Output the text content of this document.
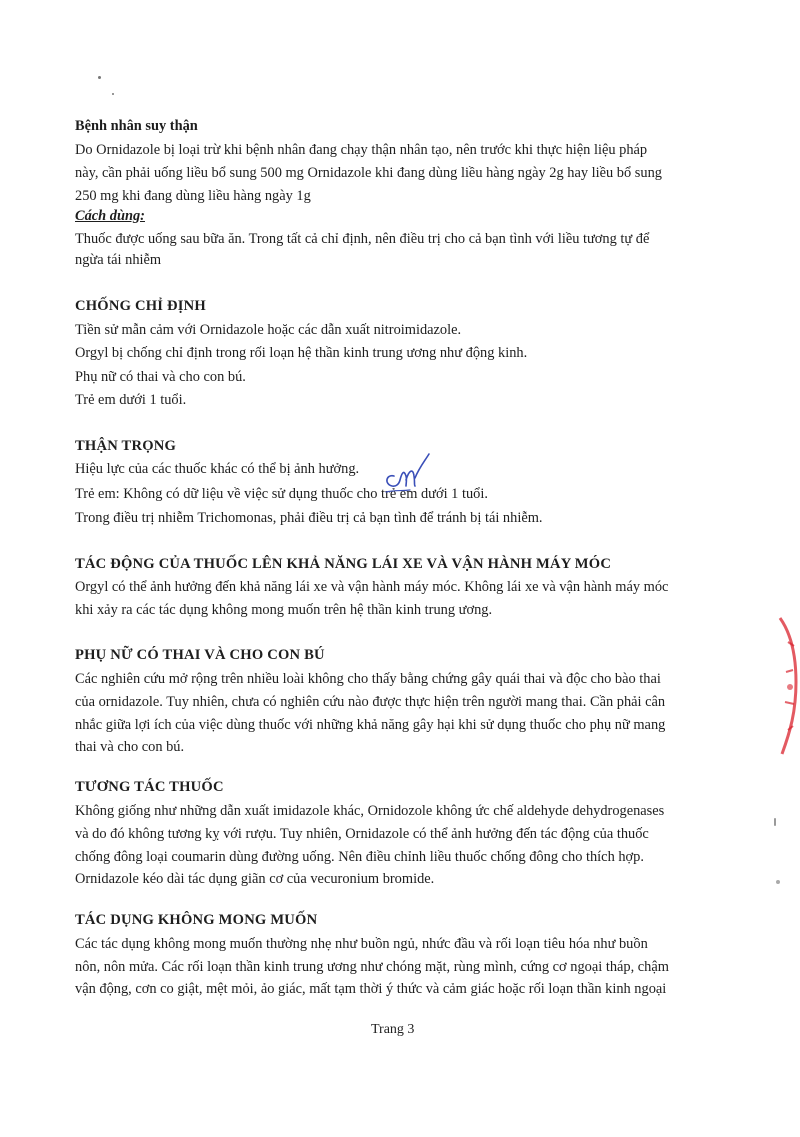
Bệnh nhân suy thận

Do Ornidazole bị loại trừ khi bệnh nhân đang chạy thận nhân tạo, nên trước khi thực hiện liệu pháp

này, cần phải uống liều bổ sung 500 mg Ornidazole khi đang dùng liều hàng ngày 2g hay liều bổ sung

250 mg khi đang dùng liều hàng ngày 1g

Cách dùng:

Thuốc được uống sau bữa ăn. Trong tất cả chỉ định, nên điều trị cho cả bạn tình với liều tương tự để

ngừa tái nhiễm

CHỐNG CHỈ ĐỊNH

Tiền sử mẫn cảm với Ornidazole hoặc các dẫn xuất nitroimidazole.

Orgyl bị chống chỉ định trong rối loạn hệ thần kinh trung ương như động kinh.

Phụ nữ có thai và cho con bú.

Trẻ em dưới 1 tuổi.

THẬN TRỌNG

Hiệu lực của các thuốc khác có thể bị ảnh hưởng.

Trẻ em: Không có dữ liệu về việc sử dụng thuốc cho trẻ em dưới 1 tuổi.

Trong điều trị nhiễm Trichomonas, phải điều trị cả bạn tình để tránh bị tái nhiễm.

TÁC ĐỘNG CỦA THUỐC LÊN KHẢ NĂNG LÁI XE VÀ VẬN HÀNH MÁY MÓC

Orgyl có thể ảnh hưởng đến khả năng lái xe và vận hành máy móc. Không lái xe và vận hành máy móc

khi xảy ra các tác dụng không mong muốn trên hệ thần kinh trung ương.

PHỤ NỮ CÓ THAI VÀ CHO CON BÚ

Các nghiên cứu mở rộng trên nhiều loài không cho thấy bằng chứng gây quái thai và độc cho bào thai

của ornidazole. Tuy nhiên, chưa có nghiên cứu nào được thực hiện trên người mang thai. Cần phải cân

nhắc giữa lợi ích của việc dùng thuốc với những khả năng gây hại khi sử dụng thuốc cho phụ nữ mang

thai và cho con bú.

TƯƠNG TÁC THUỐC

Không giống như những dẫn xuất imidazole khác, Ornidozole không ức chế aldehyde dehydrogenases

và do đó không tương kỵ với rượu. Tuy nhiên, Ornidazole có thể ảnh hưởng đến tác động của thuốc

chống đông loại coumarin dùng đường uống. Nên điều chỉnh liều thuốc chống đông cho thích hợp.

Ornidazole kéo dài tác dụng giãn cơ của vecuronium bromide.

TÁC DỤNG KHÔNG MONG MUỐN

Các tác dụng không mong muốn thường nhẹ như buồn ngủ, nhức đầu và rối loạn tiêu hóa như buồn

nôn, nôn mửa. Các rối loạn thần kinh trung ương như chóng mặt, rùng mình, cứng cơ ngoại tháp, chậm

vận động, cơn co giật, mệt mỏi, ảo giác, mất tạm thời ý thức và cảm giác hoặc rối loạn thần kinh ngoại

Trang 3
